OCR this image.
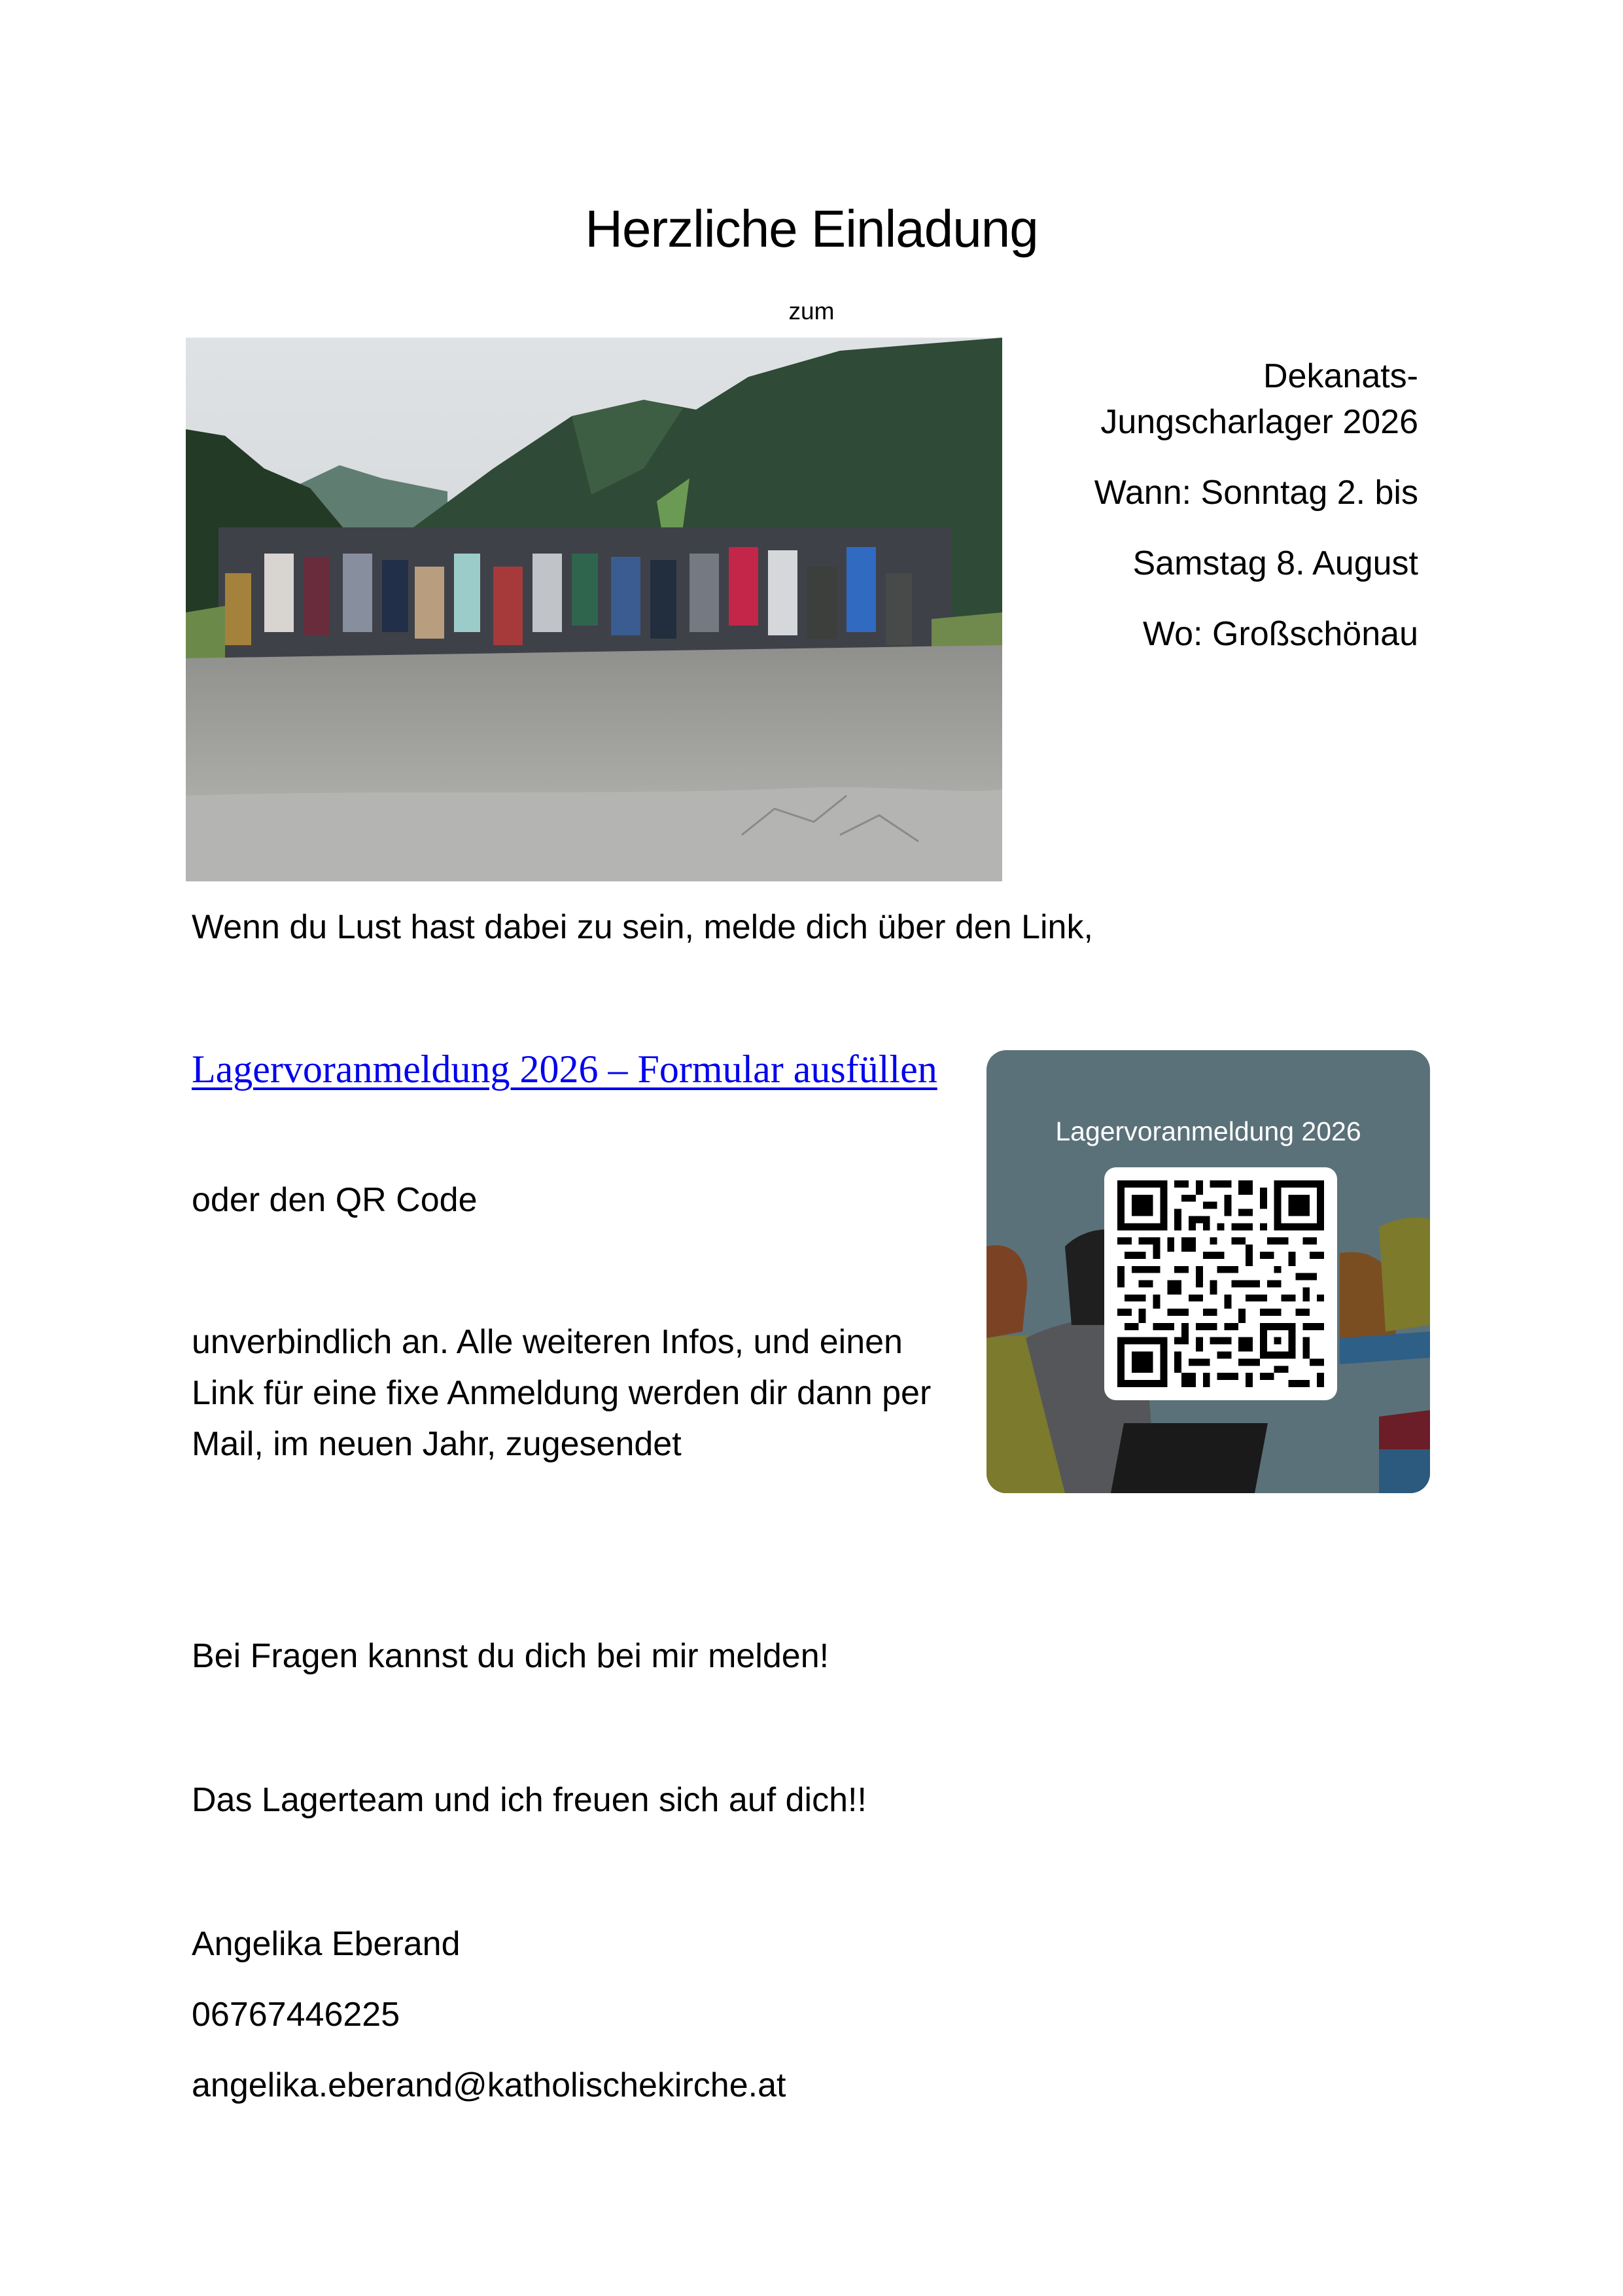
Herzliche Einladung
zum

Dekanats-

Jungscharlager 2026

Wann: Sonntag 2. bis

Samstag 8. August

Wo: Großschönau

Wenn du Lust hast dabei zu sein, melde dich über den Link,
Lagervoranmeldung 2026 – Formular ausfüllen
oder den QR Code
unverbindlich an. Alle weiteren Infos, und einen
Link für eine fixe Anmeldung werden dir dann per
Mail, im neuen Jahr, zugesendet
Lagervoranmeldung 2026
Bei Fragen kannst du dich bei mir melden!
Das Lagerteam und ich freuen sich auf dich!!
Angelika Eberand
06767446225
angelika.eberand@katholischekirche.at
